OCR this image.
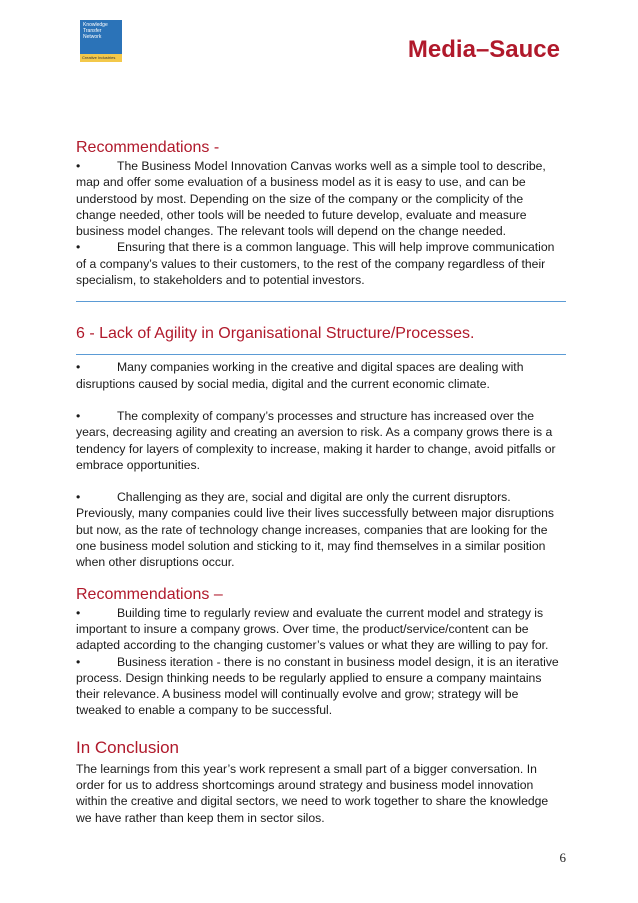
Knowledge
Transfer
Network
Creative Industries	Media–Sauce
Recommendations -

•	The Business Model Innovation Canvas works well as a simple tool to describe, map and offer some evaluation of a business model as it is easy to use, and can be understood by most. Depending on the size of the company or the complicity of the change needed, other tools will be needed to future develop, evaluate and measure business model changes. The relevant tools will depend on the change needed.

•	Ensuring that there is a common language. This will help improve communication of a company’s values to their customers, to the rest of the company regardless of their specialism, to stakeholders and to potential investors.

6 - Lack of Agility in Organisational Structure/Processes.

•	Many companies working in the creative and digital spaces are dealing with disruptions caused by social media, digital and the current economic climate.

•	The complexity of company’s processes and structure has increased over the years, decreasing agility and creating an aversion to risk. As a company grows there is a tendency for layers of complexity to increase, making it harder to change, avoid pitfalls or embrace opportunities.

•	Challenging as they are, social and digital are only the current disruptors. Previously, many companies could live their lives successfully between major disruptions but now, as the rate of technology change increases, companies that are looking for the one business model solution and sticking to it, may find themselves in a similar position when other disruptions occur.

Recommendations –

•	Building time to regularly review and evaluate the current model and strategy is important to insure a company grows. Over time, the product/service/content can be adapted according to the changing customer’s values or what they are willing to pay for.

•	Business iteration - there is no constant in business model design, it is an iterative process. Design thinking needs to be regularly applied to ensure a company maintains their relevance. A business model will continually evolve and grow; strategy will be tweaked to enable a company to be successful.

In Conclusion

The learnings from this year’s work represent a small part of a bigger conversation. In order for us to address shortcomings around strategy and business model innovation within the creative and digital sectors, we need to work together to share the knowledge we have rather than keep them in sector silos.

6
